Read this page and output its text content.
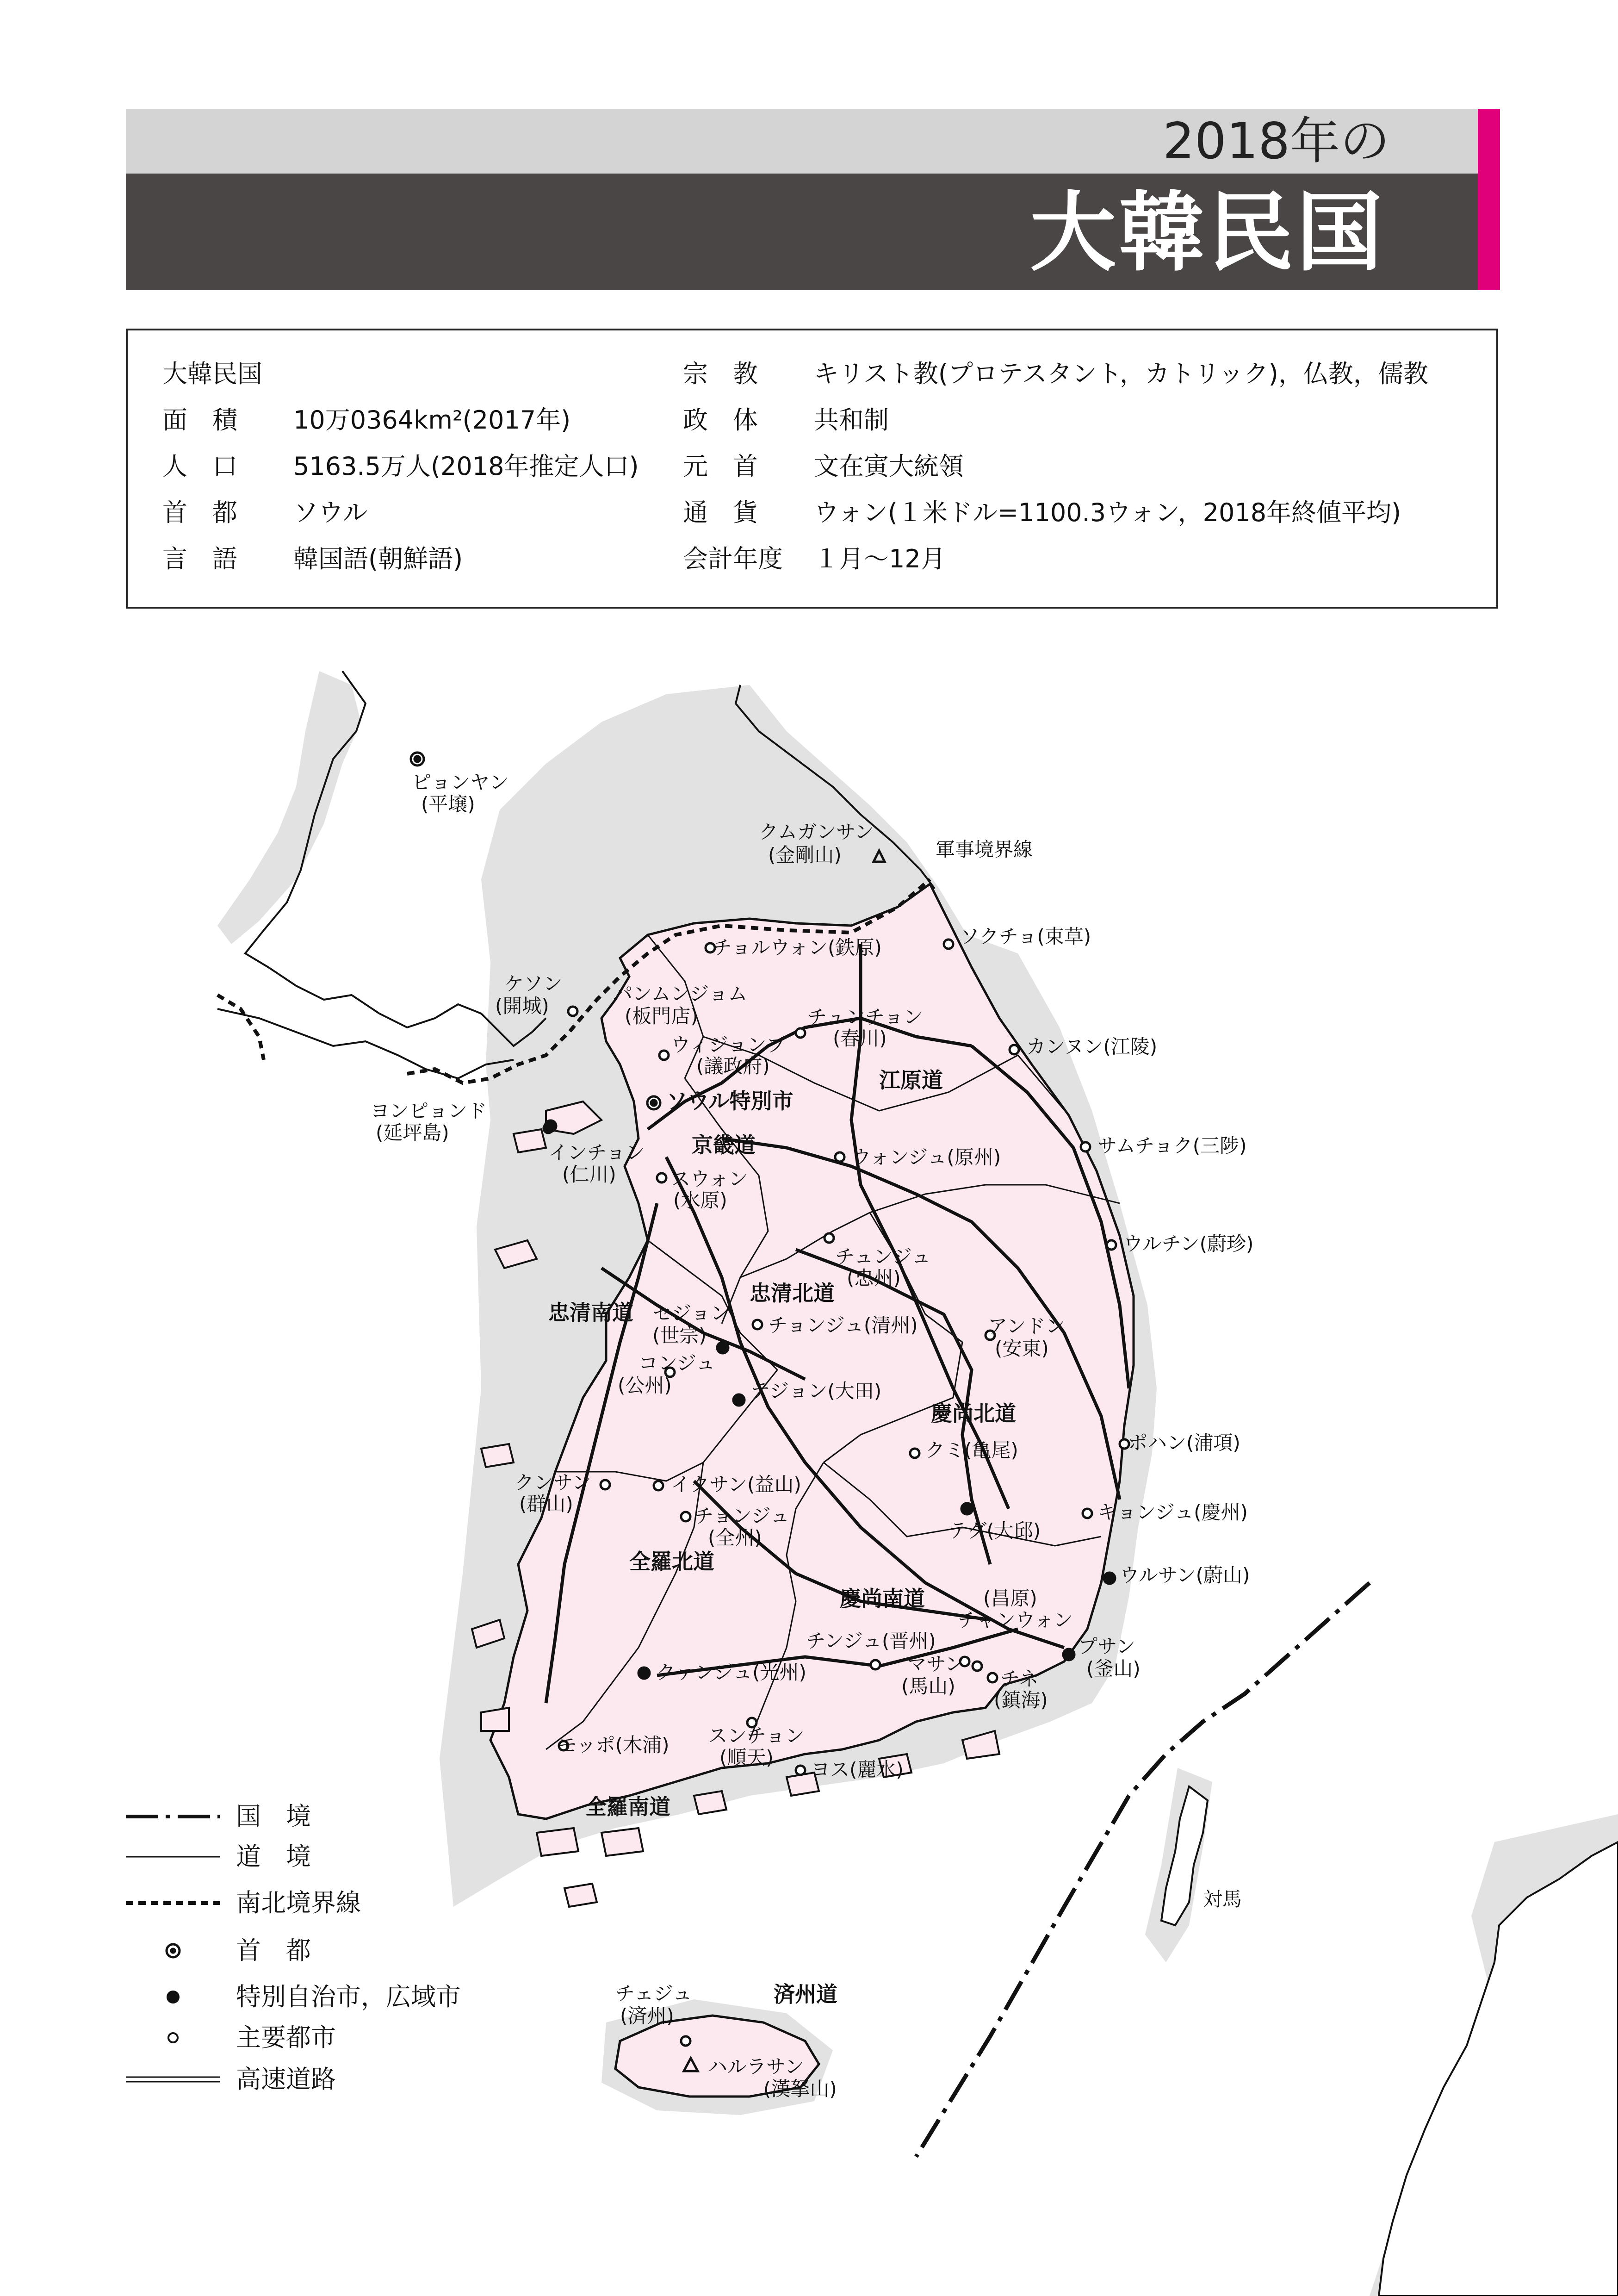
2018年の
大韓民国
大韓民国
面　積 10万0364km²(2017年)
人　口 5163.5万人(2018年推定人口)
首　都 ソウル
言　語 韓国語(朝鮮語)
宗　教 キリスト教(プロテスタント，カトリック)，仏教，儒教
政　体 共和制
元　首 文在寅大統領
通　貨 ウォン(１米ドル=1100.3ウォン，2018年終値平均)
会計年度 １月～12月
ピョンヤン
(平壌)
ケソン
(開城)
パンムンジョム
(板門店)
チョルウォン(鉄原)
クムガンサン
(金剛山)	軍事境界線
ソクチョ(束草)
チュンチョン
(春川)
ウィジョンブ
(議政府)
カンヌン(江陵)
江原道
ソウル特別市
ヨンピョンド
(延坪島)
インチョン
(仁川)
京畿道	ウォンジュ(原州)
サムチョク(三陟)
スウォン
(水原)
チュンジュ
(忠州)
ウルチン(蔚珍)
忠清北道
忠清南道 セジョン
(世宗)	チョンジュ(清州)	アンドン
(安東)
コンジュ
(公州)	テジョン(大田)
慶尚北道
クミ(亀尾)	ポハン(浦項)
クンサン
(群山)
イクサン(益山)
チョンジュ
(全州)
キョンジュ(慶州)
テグ(大邱)
全羅北道
ウルサン(蔚山)
慶尚南道	(昌原)
チャンウォン
チンジュ(晋州)	プサン
(釜山)
クァンジュ(光州)	マサン
(馬山) チネ
(鎮海)
モッポ(木浦) スンチョン
(順天)
ヨス(麗水)
全羅南道
対馬
チェジュ
(済州)
済州道
ハルラサン
(漢拏山)
国　境
道　境
南北境界線
首　都
特別自治市，広域市
主要都市
高速道路
